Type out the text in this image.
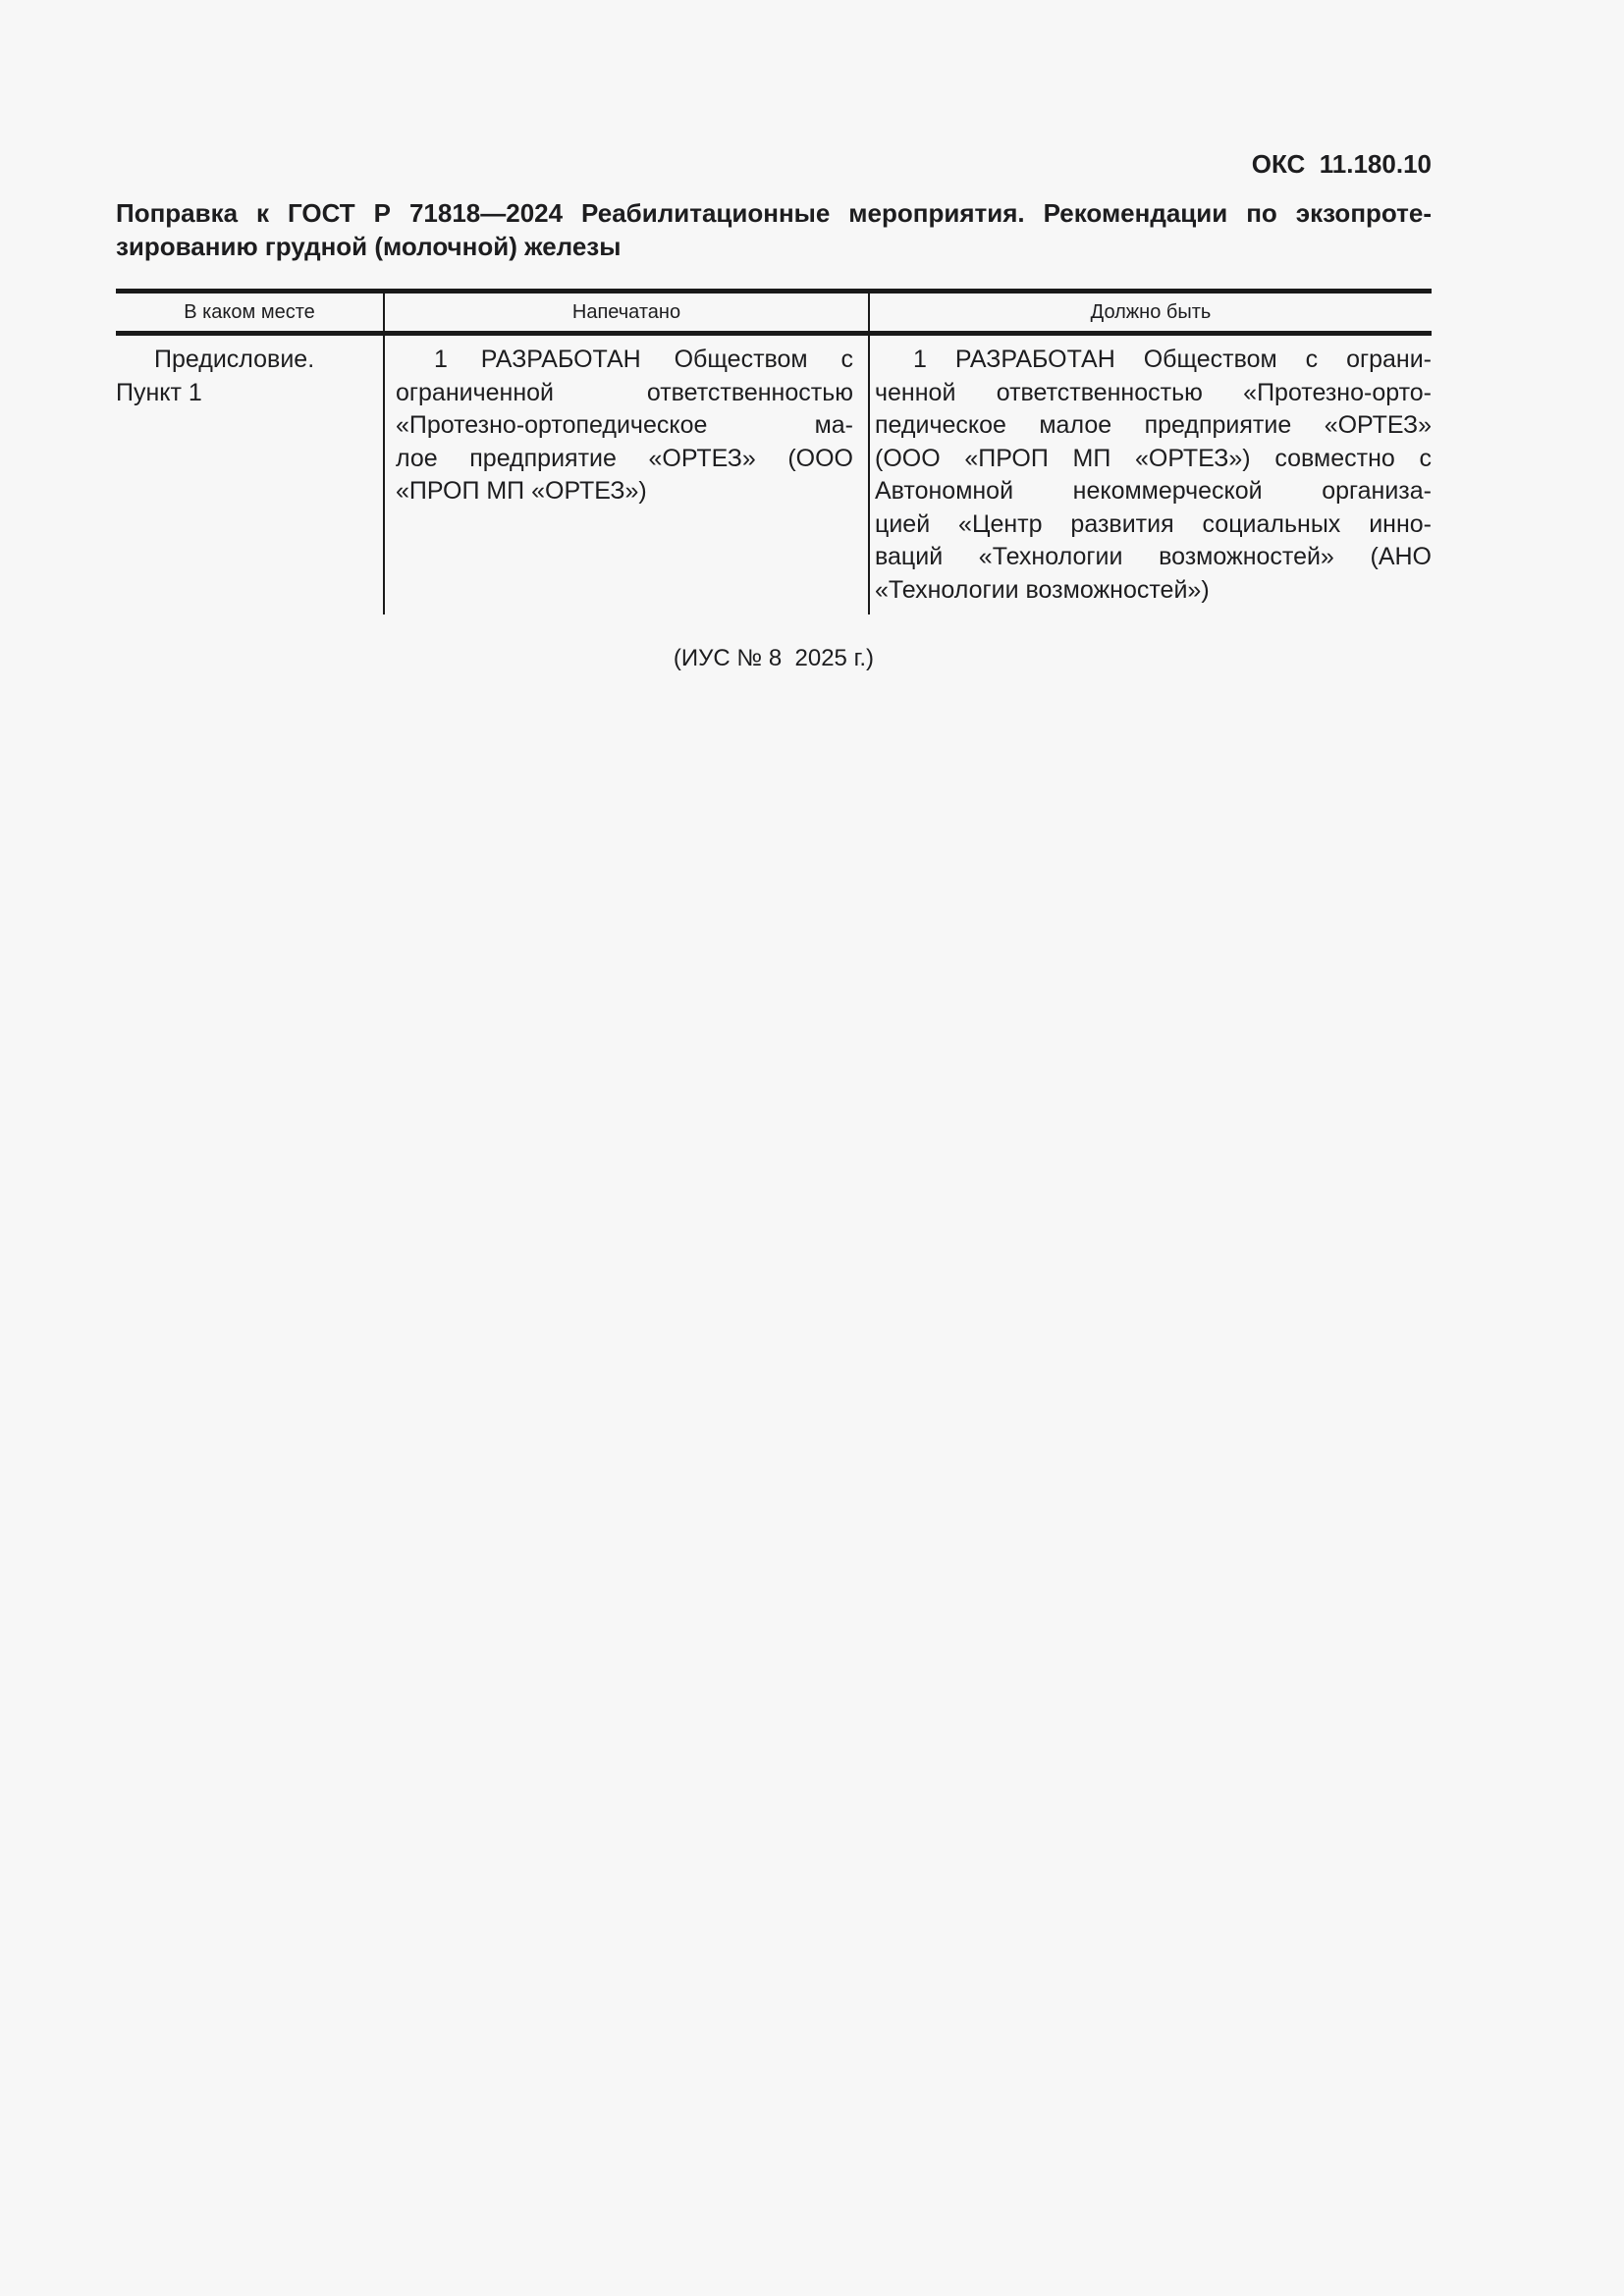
ОКС  11.180.10
Поправка к ГОСТ Р 71818—2024 Реабилитационные мероприятия. Рекомендации по экзопроте-
зированию грудной (молочной) железы
В каком месте	Напечатано	Должно быть
Предисловие.
Пункт 1
1 РАЗРАБОТАН Обществом с
ограниченной ответственностью
«Протезно-ортопедическое ма-
лое предприятие «ОРТЕЗ» (ООО
«ПРОП МП «ОРТЕЗ»)
1 РАЗРАБОТАН Обществом с ограни-
ченной ответственностью «Протезно-орто-
педическое малое предприятие «ОРТЕЗ»
(ООО «ПРОП МП «ОРТЕЗ») совместно с
Автономной некоммерческой организа-
цией «Центр развития социальных инно-
ваций «Технологии возможностей» (АНО
«Технологии возможностей»)
(ИУС № 8  2025 г.)
